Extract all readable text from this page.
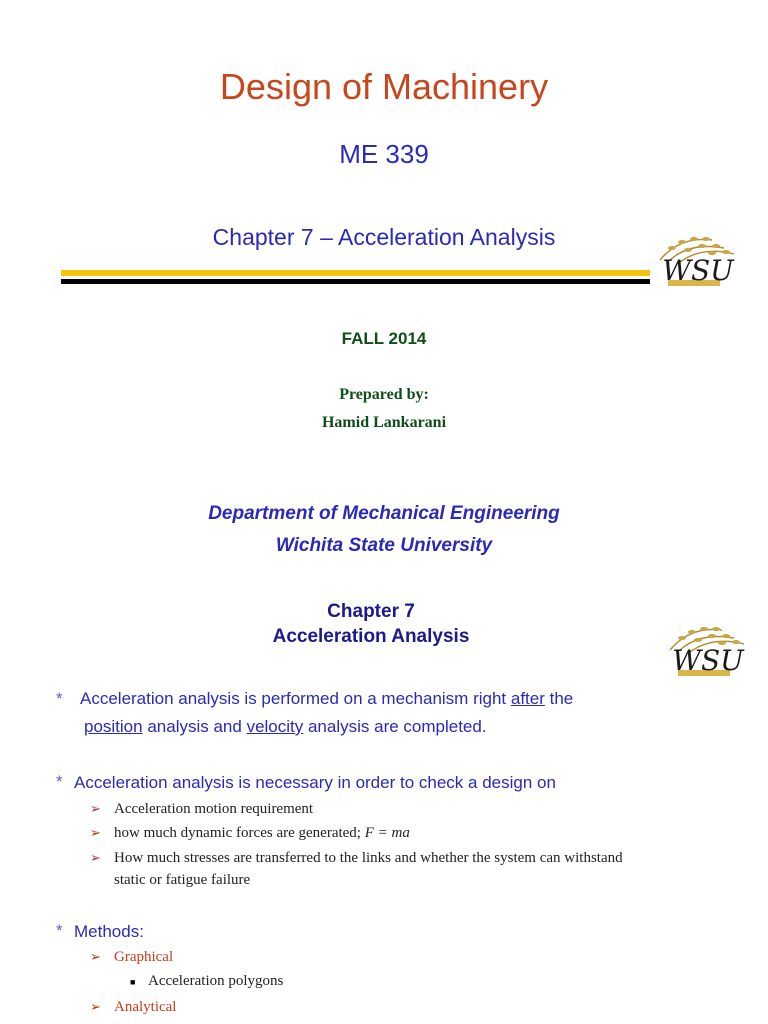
Design of Machinery
ME 339
Chapter 7 – Acceleration Analysis
WSU
FALL 2014
Prepared by:
Hamid Lankarani
Department of Mechanical Engineering
Wichita State University
Chapter 7
Acceleration Analysis
WSU
* Acceleration analysis is performed on a mechanism right after the
position analysis and velocity analysis are completed.
* Acceleration analysis is necessary in order to check a design on
➢ Acceleration motion requirement
➢ how much dynamic forces are generated; F = ma
➢ How much stresses are transferred to the links and whether the system can withstand
static or fatigue failure
* Methods:
➢ Graphical
■ Acceleration polygons
➢ Analytical
